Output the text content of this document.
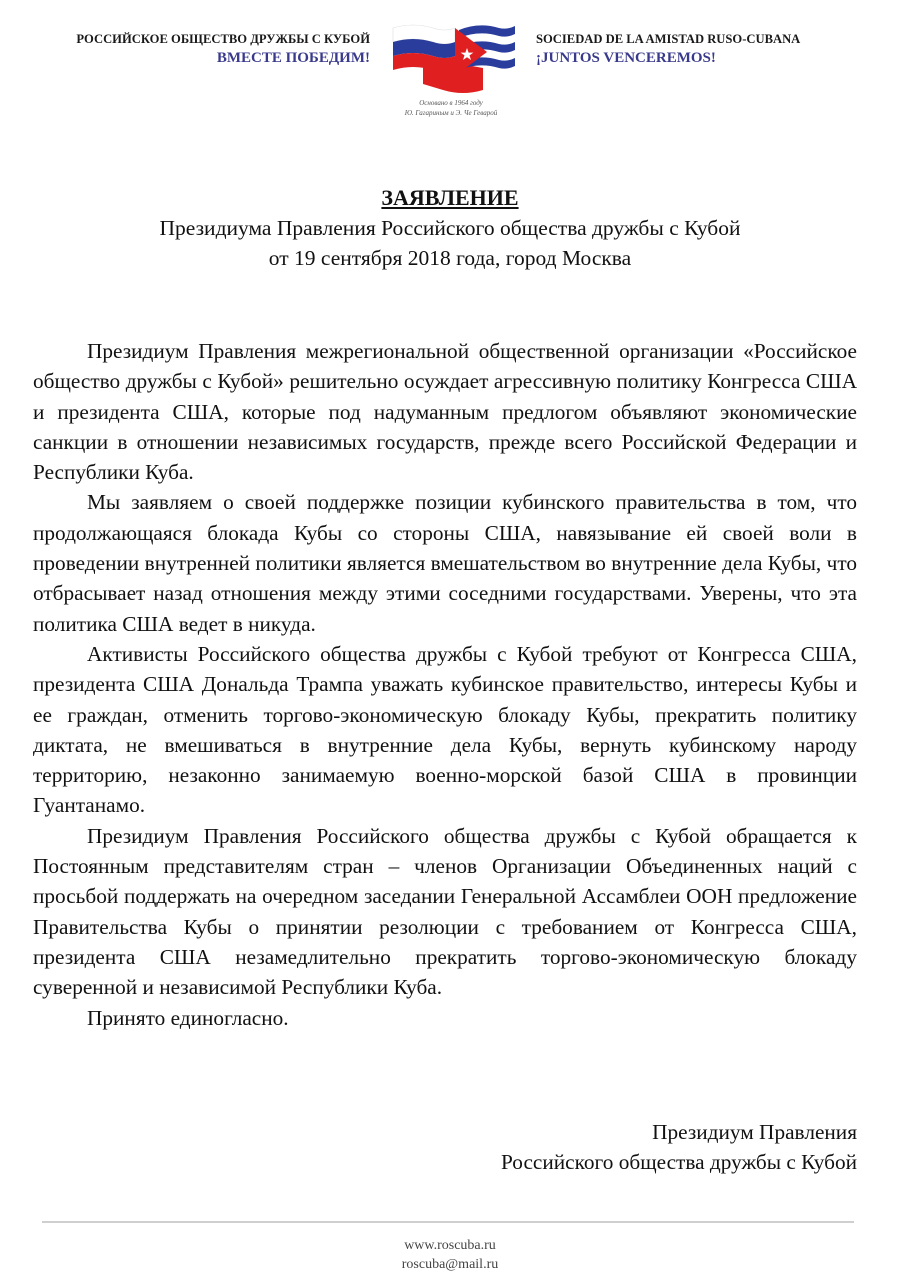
РОССИЙСКОЕ ОБЩЕСТВО ДРУЖБЫ С КУБОЙ
ВМЕСТЕ ПОБЕДИМ!
Основано в 1964 году
Ю. Гагариным и Э. Че Геварой
SOCIEDAD DE LA AMISTAD RUSO-CUBANA
¡JUNTOS VENCEREMOS!
ЗАЯВЛЕНИЕ
Президиума Правления Российского общества дружбы с Кубой
от 19 сентября 2018 года, город Москва

Президиум Правления межрегиональной общественной организации «Российское общество дружбы с Кубой» решительно осуждает агрессивную политику Конгресса США и президента США, которые под надуманным предлогом объявляют экономические санкции в отношении независимых государств, прежде всего Российской Федерации и Республики Куба.

Мы заявляем о своей поддержке позиции кубинского правительства в том, что продолжающаяся блокада Кубы со стороны США, навязывание ей своей воли в проведении внутренней политики является вмешательством во внутренние дела Кубы, что отбрасывает назад отношения между этими соседними государствами. Уверены, что эта политика США ведет в никуда.

Активисты Российского общества дружбы с Кубой требуют от Конгресса США, президента США Дональда Трампа уважать кубинское правительство, интересы Кубы и ее граждан, отменить торгово-экономическую блокаду Кубы, прекратить политику диктата, не вмешиваться в внутренние дела Кубы, вернуть кубинскому народу территорию, незаконно занимаемую военно-морской базой США в провинции Гуантанамо.

Президиум Правления Российского общества дружбы с Кубой обращается к Постоянным представителям стран – членов Организации Объединенных наций с просьбой поддержать на очередном заседании Генеральной Ассамблеи ООН предложение Правительства Кубы о принятии резолюции с требованием от Конгресса США, президента США незамедлительно прекратить торгово-экономическую блокаду суверенной и независимой Республики Куба.

Принято единогласно.

Президиум Правления
Российского общества дружбы с Кубой
www.roscuba.ru
roscuba@mail.ru
